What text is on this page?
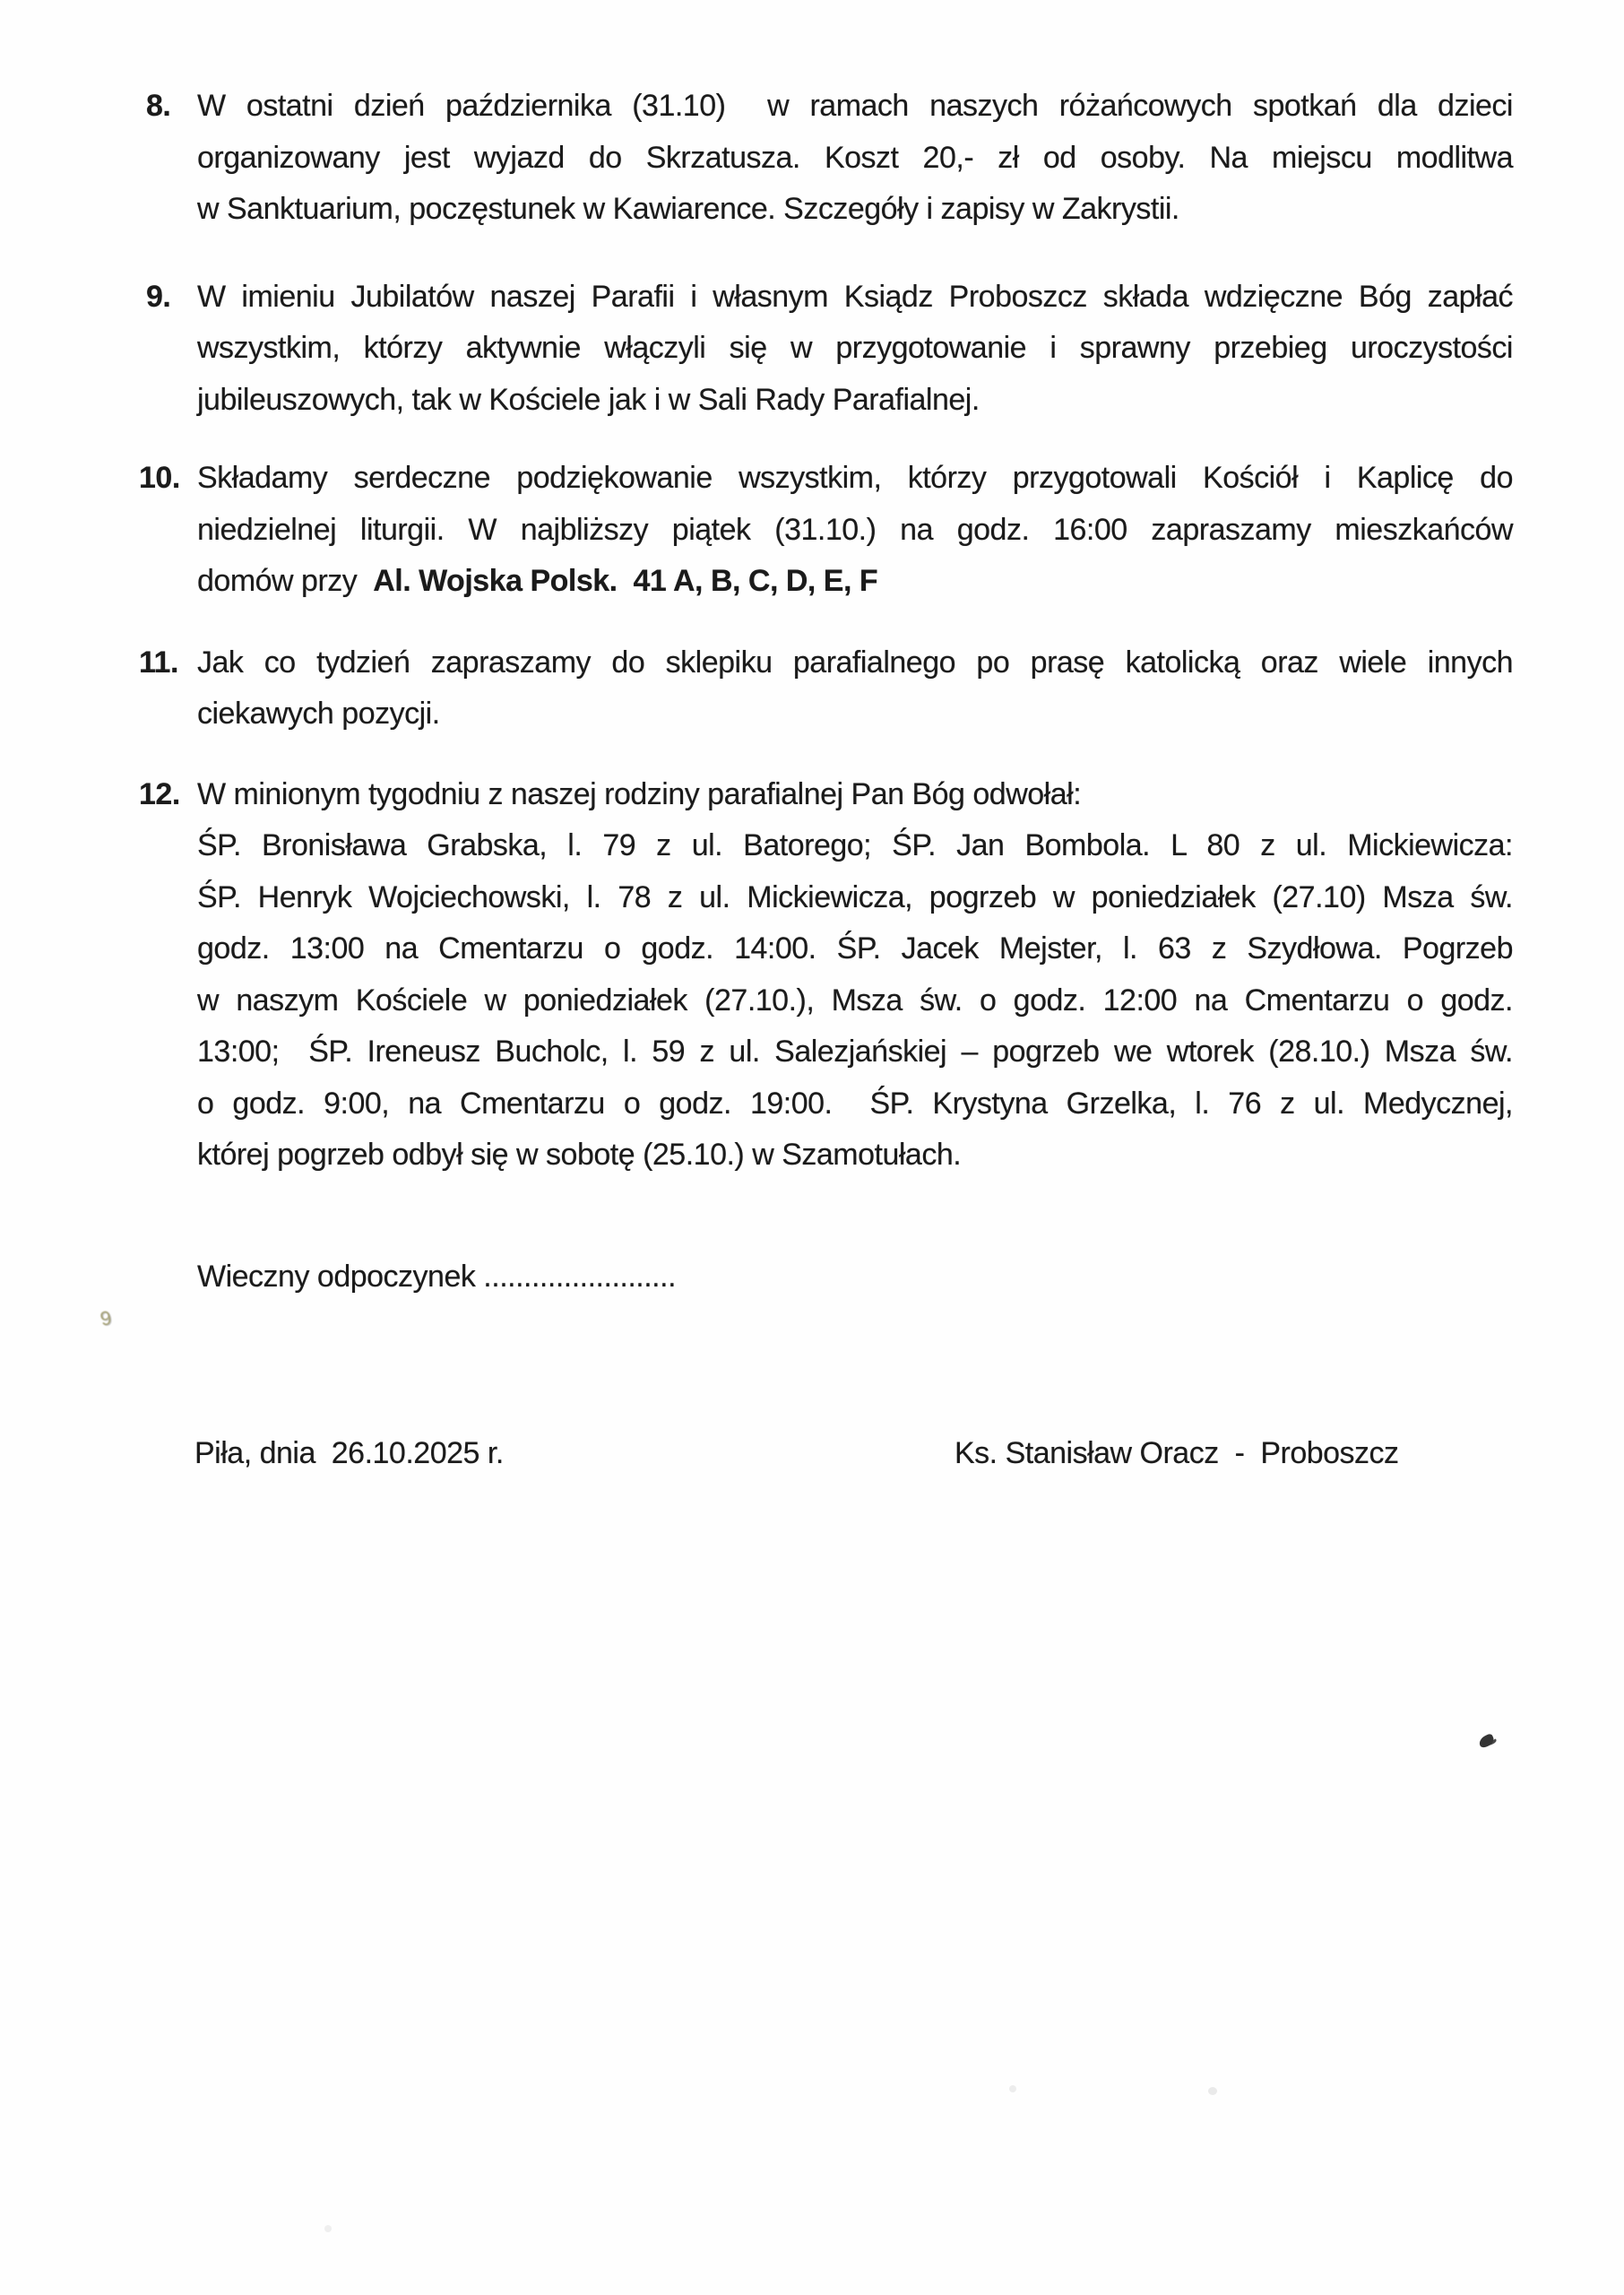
8. W ostatni dzień października (31.10)  w ramach naszych różańcowych spotkań dla dzieci
organizowany jest wyjazd do Skrzatusza. Koszt 20,- zł od osoby. Na miejscu modlitwa
w Sanktuarium, poczęstunek w Kawiarence. Szczegóły i zapisy w Zakrystii.
9. W imieniu Jubilatów naszej Parafii i własnym Ksiądz Proboszcz składa wdzięczne Bóg zapłać
wszystkim, którzy aktywnie włączyli się w przygotowanie i sprawny przebieg uroczystości
jubileuszowych, tak w Kościele jak i w Sali Rady Parafialnej.
10. Składamy serdeczne podziękowanie wszystkim, którzy przygotowali Kościół i Kaplicę do
niedzielnej liturgii. W najbliższy piątek (31.10.) na godz. 16:00 zapraszamy mieszkańców
domów przy  Al. Wojska Polsk.  41 A, B, C, D, E, F
11. Jak co tydzień zapraszamy do sklepiku parafialnego po prasę katolicką oraz wiele innych
ciekawych pozycji.
12. W minionym tygodniu z naszej rodziny parafialnej Pan Bóg odwołał:
ŚP. Bronisława Grabska, l. 79 z ul. Batorego; ŚP. Jan Bombola. L 80 z ul. Mickiewicza:
ŚP. Henryk Wojciechowski, l. 78 z ul. Mickiewicza, pogrzeb w poniedziałek (27.10) Msza św.
godz. 13:00 na Cmentarzu o godz. 14:00. ŚP. Jacek Mejster, l. 63 z Szydłowa. Pogrzeb
w naszym Kościele w poniedziałek (27.10.), Msza św. o godz. 12:00 na Cmentarzu o godz.
13:00;  ŚP. Ireneusz Bucholc, l. 59 z ul. Salezjańskiej – pogrzeb we wtorek (28.10.) Msza św.
o godz. 9:00, na Cmentarzu o godz. 19:00.  ŚP. Krystyna Grzelka, l. 76 z ul. Medycznej,
której pogrzeb odbył się w sobotę (25.10.) w Szamotułach.
Wieczny odpoczynek ........................
Piła, dnia  26.10.2025 r.	Ks. Stanisław Oracz  -  Proboszcz
9
